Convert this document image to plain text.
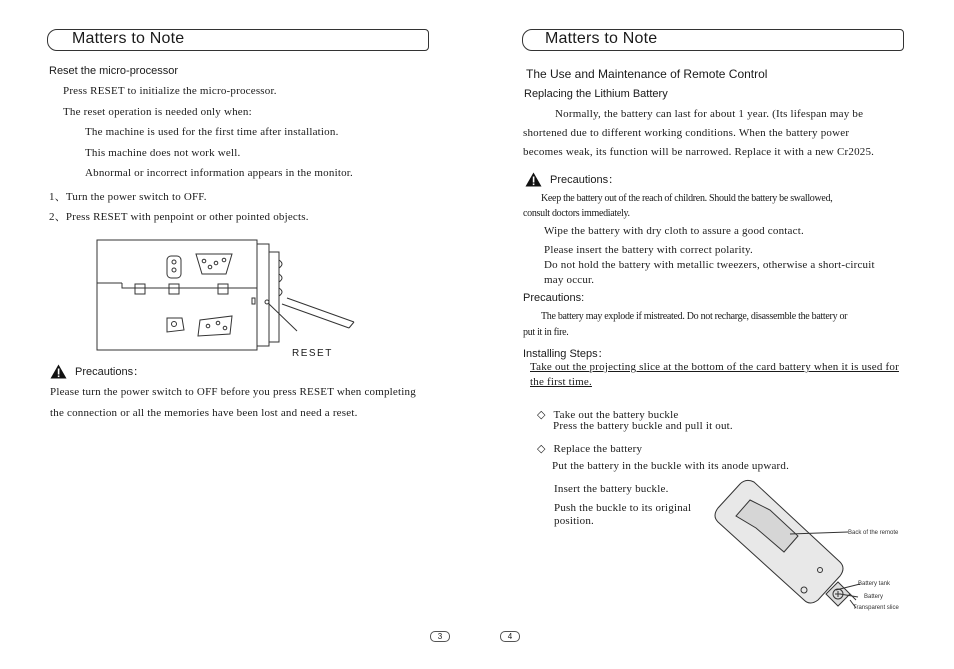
Matters to Note
Reset the micro-processor
Press RESET to initialize the micro-processor.
The reset operation is needed only when:
The machine is used for the first time after installation.
This machine does not work well.
Abnormal or incorrect information appears in the monitor.
1、Turn the power switch to OFF.
2、Press RESET with penpoint or other pointed objects.
RESET
Precautions：
Please turn the power switch to OFF before you press RESET when completing
the connection or all the memories have been lost and need a reset.
3
Matters to Note
The Use and Maintenance of Remote Control
Replacing the Lithium Battery
Normally, the battery can last for about 1 year. (Its lifespan may be
shortened due to different working conditions. When the battery power
becomes weak, its function will be narrowed. Replace it with a new Cr2025.
Precautions：
Keep the battery out of the reach of children. Should the battery be swallowed,
consult doctors immediately.
Wipe the battery with dry cloth to assure a good contact.
Please insert the battery with correct polarity.
Do not hold the battery with metallic tweezers, otherwise a short-circuit
may occur.
Precautions:
The battery may explode if mistreated. Do not recharge, disassemble the battery or
put it in fire.
Installing Steps：
Take out the projecting slice at the bottom of the card battery when it is used for
the first time.
◇ Take out the battery buckle
Press the battery buckle and pull it out.
◇ Replace the battery
Put the battery in the buckle with its anode upward.
Insert the battery buckle.
Push the buckle to its original
position.
Back of the remote
Battery tank
Battery
Transparent slice
4
